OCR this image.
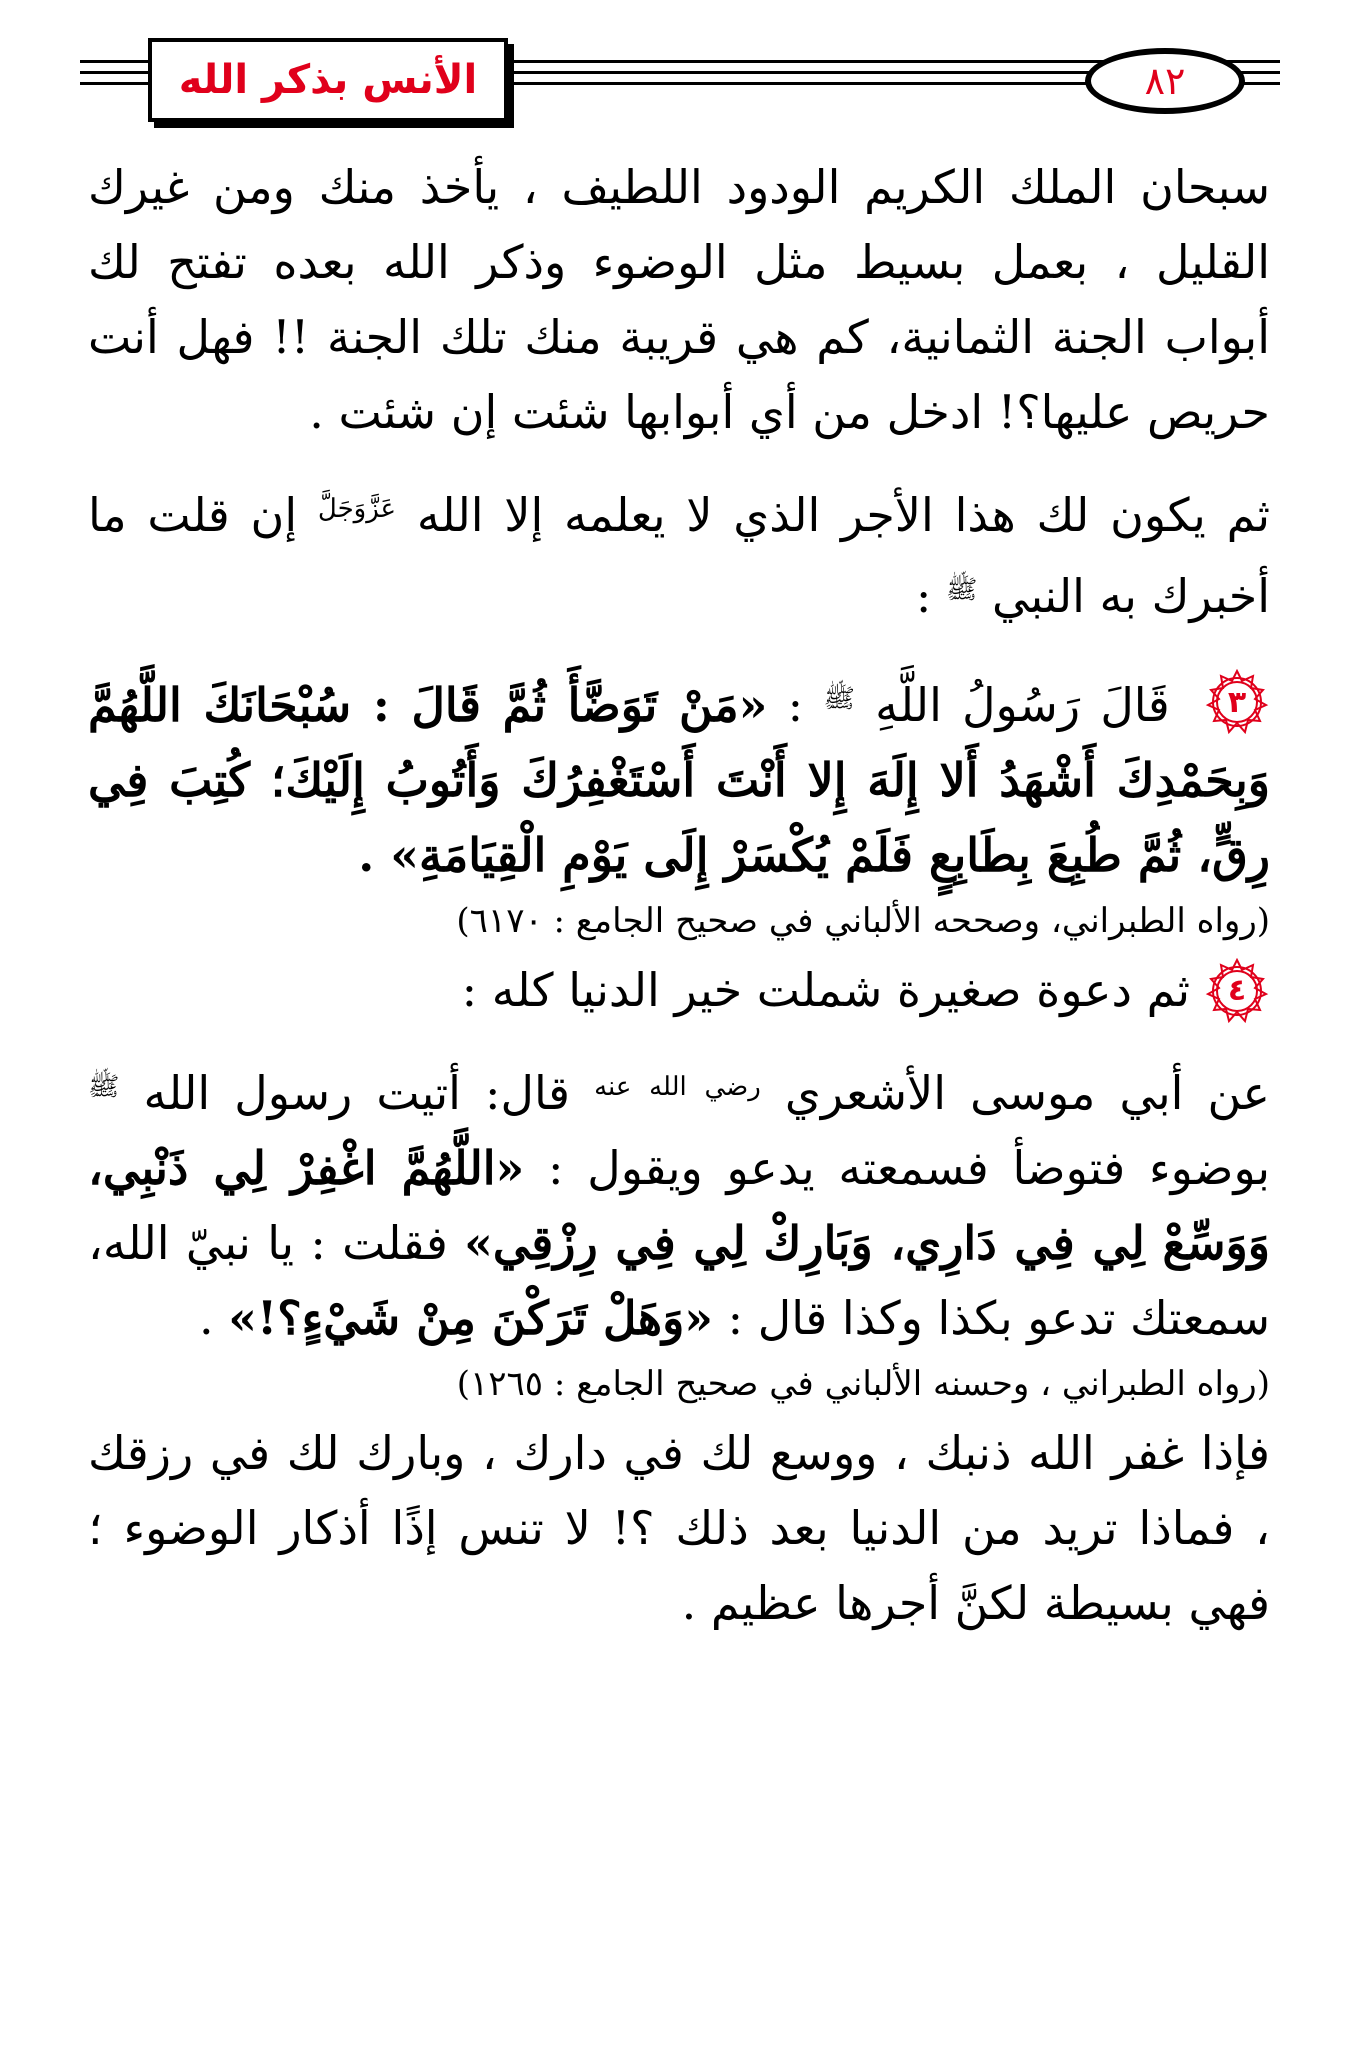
الأنس بذكر الله	٨٢

سبحان الملك الكريم الودود اللطيف ، يأخذ منك ومن غيرك القليل ، بعمل بسيط مثل الوضوء وذكر الله بعده تفتح لك أبواب الجنة الثمانية، كم هي قريبة منك تلك الجنة !! فهل أنت حريص عليها؟! ادخل من أي أبوابها شئت إن شئت .

ثم يكون لك هذا الأجر الذي لا يعلمه إلا الله $^{عَزَّوَجَلَّ}$ إن قلت ما أخبرك به النبي $^ﷺ$ :

٣
قَالَ رَسُولُ اللَّهِ $^ﷺ$ : «مَنْ تَوَضَّأَ ثُمَّ قَالَ : سُبْحَانَكَ اللَّهُمَّ وَبِحَمْدِكَ أَشْهَدُ أَلا إِلَهَ إِلا أَنْتَ أَسْتَغْفِرُكَ وَأَتُوبُ إِلَيْكَ؛ كُتِبَ فِي رِقٍّ، ثُمَّ طُبِعَ بِطَابِعٍ فَلَمْ يُكْسَرْ إِلَى يَوْمِ الْقِيَامَةِ» .

(رواه الطبراني، وصححه الألباني في صحيح الجامع : ٦١٧٠)

٤
ثم دعوة صغيرة شملت خير الدنيا كله :

عن أبي موسى الأشعري $^{رضي الله عنه}$ قال: أتيت رسول الله $^ﷺ$ بوضوء فتوضأ فسمعته يدعو ويقول : «اللَّهُمَّ اغْفِرْ لِي ذَنْبِي، وَوَسِّعْ لِي فِي دَارِي، وَبَارِكْ لِي فِي رِزْقِي» فقلت : يا نبيّ الله، سمعتك تدعو بكذا وكذا قال : «وَهَلْ تَرَكْنَ مِنْ شَيْءٍ؟!» .

(رواه الطبراني ، وحسنه الألباني في صحيح الجامع : ١٢٦٥)

فإذا غفر الله ذنبك ، ووسع لك في دارك ، وبارك لك في رزقك ، فماذا تريد من الدنيا بعد ذلك ؟! لا تنس إذًا أذكار الوضوء ؛ فهي بسيطة لكنَّ أجرها عظيم .
